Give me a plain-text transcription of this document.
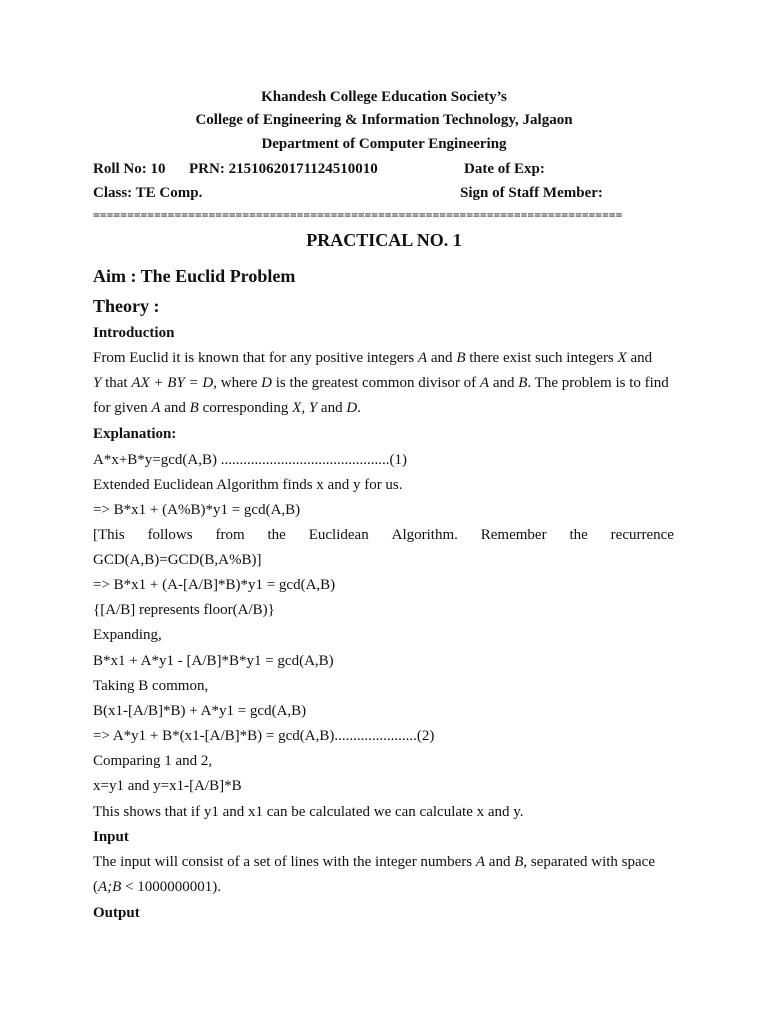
Khandesh College Education Society’s
College of Engineering & Information Technology, Jalgaon
Department of Computer Engineering
Roll No: 10 PRN: 21510620171124510010	Date of Exp:
Class: TE Comp.	Sign of Staff Member:
==============================================================================
PRACTICAL NO. 1
Aim : The Euclid Problem
Theory :
Introduction
From Euclid it is known that for any positive integers A and B there exist such integers X and
Y that AX + BY = D, where D is the greatest common divisor of A and B. The problem is to find
for given A and B corresponding X, Y and D.
Explanation:
A*x+B*y=gcd(A,B) .............................................(1)
Extended Euclidean Algorithm finds x and y for us.
=> B*x1 + (A%B)*y1 = gcd(A,B)
[This follows from the Euclidean Algorithm. Remember the recurrence
GCD(A,B)=GCD(B,A%B)]
=> B*x1 + (A-[A/B]*B)*y1 = gcd(A,B)
{[A/B] represents floor(A/B)}
Expanding,
B*x1 + A*y1 - [A/B]*B*y1 = gcd(A,B)
Taking B common,
B(x1-[A/B]*B) + A*y1 = gcd(A,B)
=> A*y1 + B*(x1-[A/B]*B) = gcd(A,B)......................(2)
Comparing 1 and 2,
x=y1 and y=x1-[A/B]*B
This shows that if y1 and x1 can be calculated we can calculate x and y.
Input
The input will consist of a set of lines with the integer numbers A and B, separated with space
(A;B < 1000000001).
Output
